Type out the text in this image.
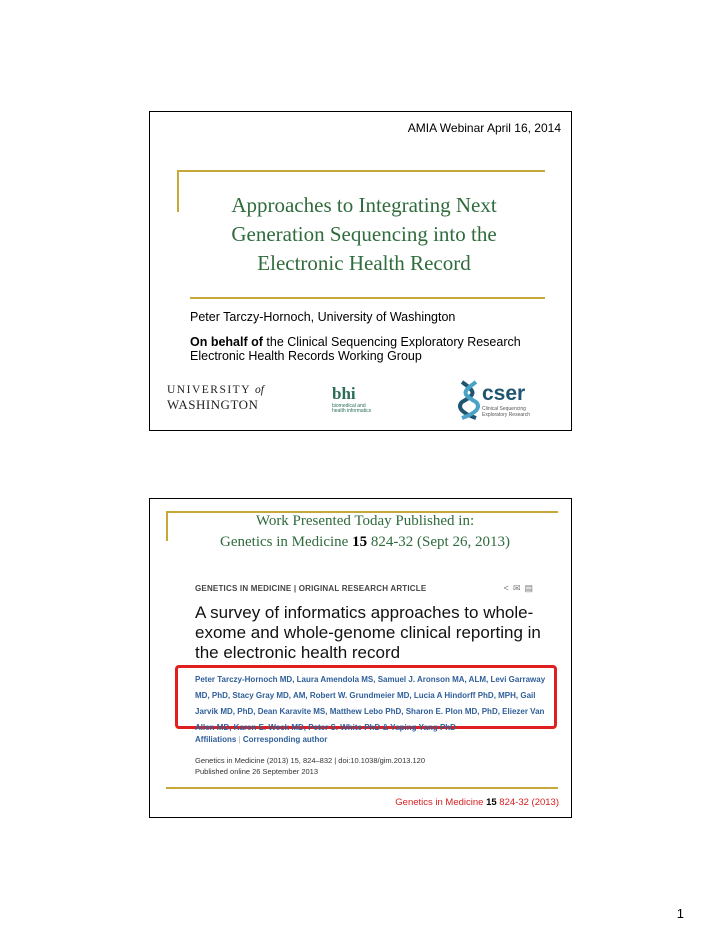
AMIA Webinar April 16, 2014
Approaches to Integrating Next Generation Sequencing into the Electronic Health Record
Peter Tarczy-Hornoch, University of Washington
On behalf of the Clinical Sequencing Exploratory Research Electronic Health Records Working Group
UNIVERSITY of
WASHINGTON
bhi
biomedical and health informatics
cser
Clinical Sequencing Exploratory Research
Work Presented Today Published in:
Genetics in Medicine 15 824-32 (Sept 26, 2013)
GENETICS IN MEDICINE | ORIGINAL RESEARCH ARTICLE	<✉▤
A survey of informatics approaches to whole-exome and whole-genome clinical reporting in the electronic health record
Peter Tarczy-Hornoch MD, Laura Amendola MS, Samuel J. Aronson MA, ALM, Levi Garraway MD, PhD, Stacy Gray MD, AM, Robert W. Grundmeier MD, Lucia A Hindorff PhD, MPH, Gail Jarvik MD, PhD, Dean Karavite MS, Matthew Lebo PhD, Sharon E. Plon MD, PhD, Eliezer Van Allen MD, Karen E. Weck MD, Peter S. White PhD & Yaping Yang PhD
Affiliations | Corresponding author
Genetics in Medicine (2013) 15, 824–832 | doi:10.1038/gim.2013.120
Published online 26 September 2013
Genetics in Medicine 15 824-32 (2013)
1
